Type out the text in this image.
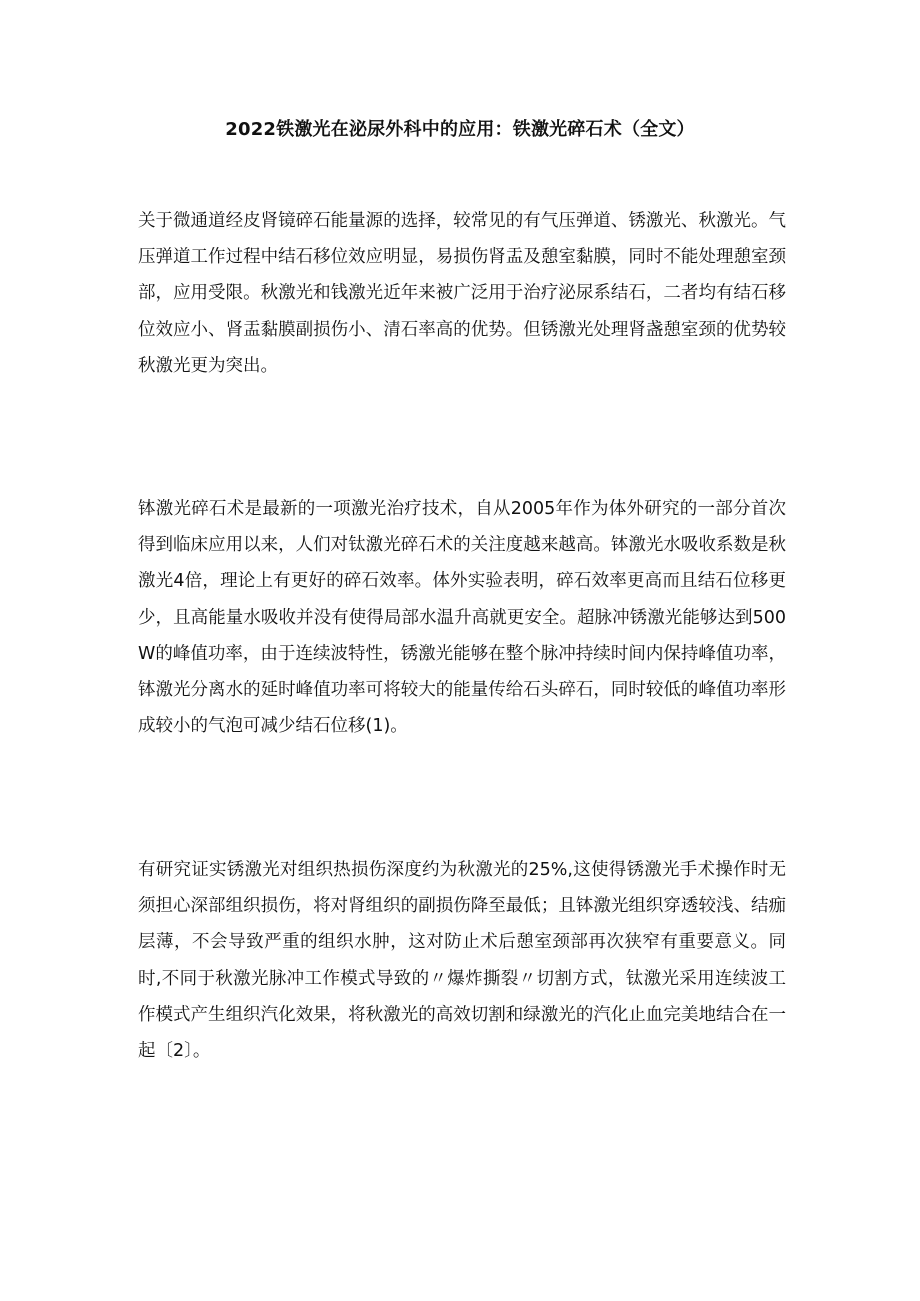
2022铁激光在泌尿外科中的应用：铁激光碎石术（全文）
关于微通道经皮肾镜碎石能量源的选择，较常见的有气压弹道、锈激光、秋激光。气压弹道工作过程中结石移位效应明显，易损伤肾盂及憩室黏膜，同时不能处理憩室颈部，应用受限。秋激光和钱激光近年来被广泛用于治疗泌尿系结石，二者均有结石移位效应小、肾盂黏膜副损伤小、清石率高的优势。但锈激光处理肾盏憩室颈的优势较秋激光更为突出。
钵激光碎石术是最新的一项激光治疗技术，自从2005年作为体外研究的一部分首次得到临床应用以来，人们对钛激光碎石术的关注度越来越高。钵激光水吸收系数是秋激光4倍，理论上有更好的碎石效率。体外实验表明，碎石效率更高而且结石位移更少，且高能量水吸收并没有使得局部水温升高就更安全。超脉冲锈激光能够达到500W的峰值功率，由于连续波特性，锈激光能够在整个脉冲持续时间内保持峰值功率，钵激光分离水的延时峰值功率可将较大的能量传给石头碎石，同时较低的峰值功率形成较小的气泡可减少结石位移(1)。
有研究证实锈激光对组织热损伤深度约为秋激光的25%,这使得锈激光手术操作时无须担心深部组织损伤，将对肾组织的副损伤降至最低；且钵激光组织穿透较浅、结痂层薄，不会导致严重的组织水肿，这对防止术后憩室颈部再次狭窄有重要意义。同时,不同于秋激光脉冲工作模式导致的〃爆炸撕裂〃切割方式，钛激光采用连续波工作模式产生组织汽化效果，将秋激光的高效切割和绿激光的汽化止血完美地结合在一起〔2〕。
